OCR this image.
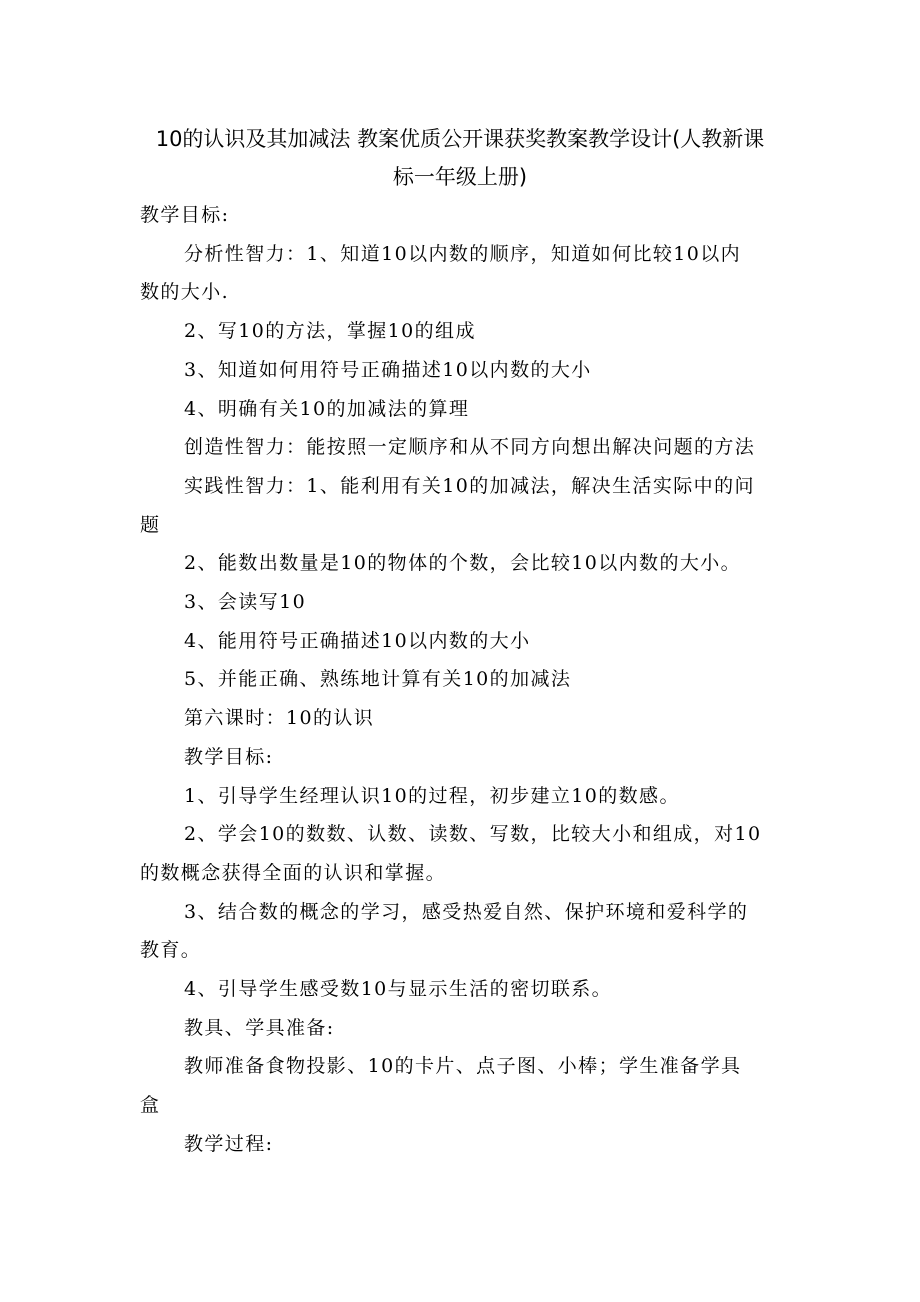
10的认识及其加减法 教案优质公开课获奖教案教学设计(人教新课
标一年级上册)

教学目标:

分析性智力：1、知道10以内数的顺序，知道如何比较10以内

数的大小.

2、写10的方法，掌握10的组成

3、知道如何用符号正确描述10以内数的大小

4、明确有关10的加减法的算理

创造性智力：能按照一定顺序和从不同方向想出解决问题的方法

实践性智力：1、能利用有关10的加减法，解决生活实际中的问

题

2、能数出数量是10的物体的个数，会比较10以内数的大小。

3、会读写10

4、能用符号正确描述10以内数的大小

5、并能正确、熟练地计算有关10的加减法

第六课时：10的认识

教学目标:

1、引导学生经理认识10的过程，初步建立10的数感。

2、学会10的数数、认数、读数、写数，比较大小和组成，对10

的数概念获得全面的认识和掌握。

3、结合数的概念的学习，感受热爱自然、保护环境和爱科学的

教育。

4、引导学生感受数10与显示生活的密切联系。

教具、学具准备:

教师准备食物投影、10的卡片、点子图、小棒；学生准备学具

盒

教学过程:
